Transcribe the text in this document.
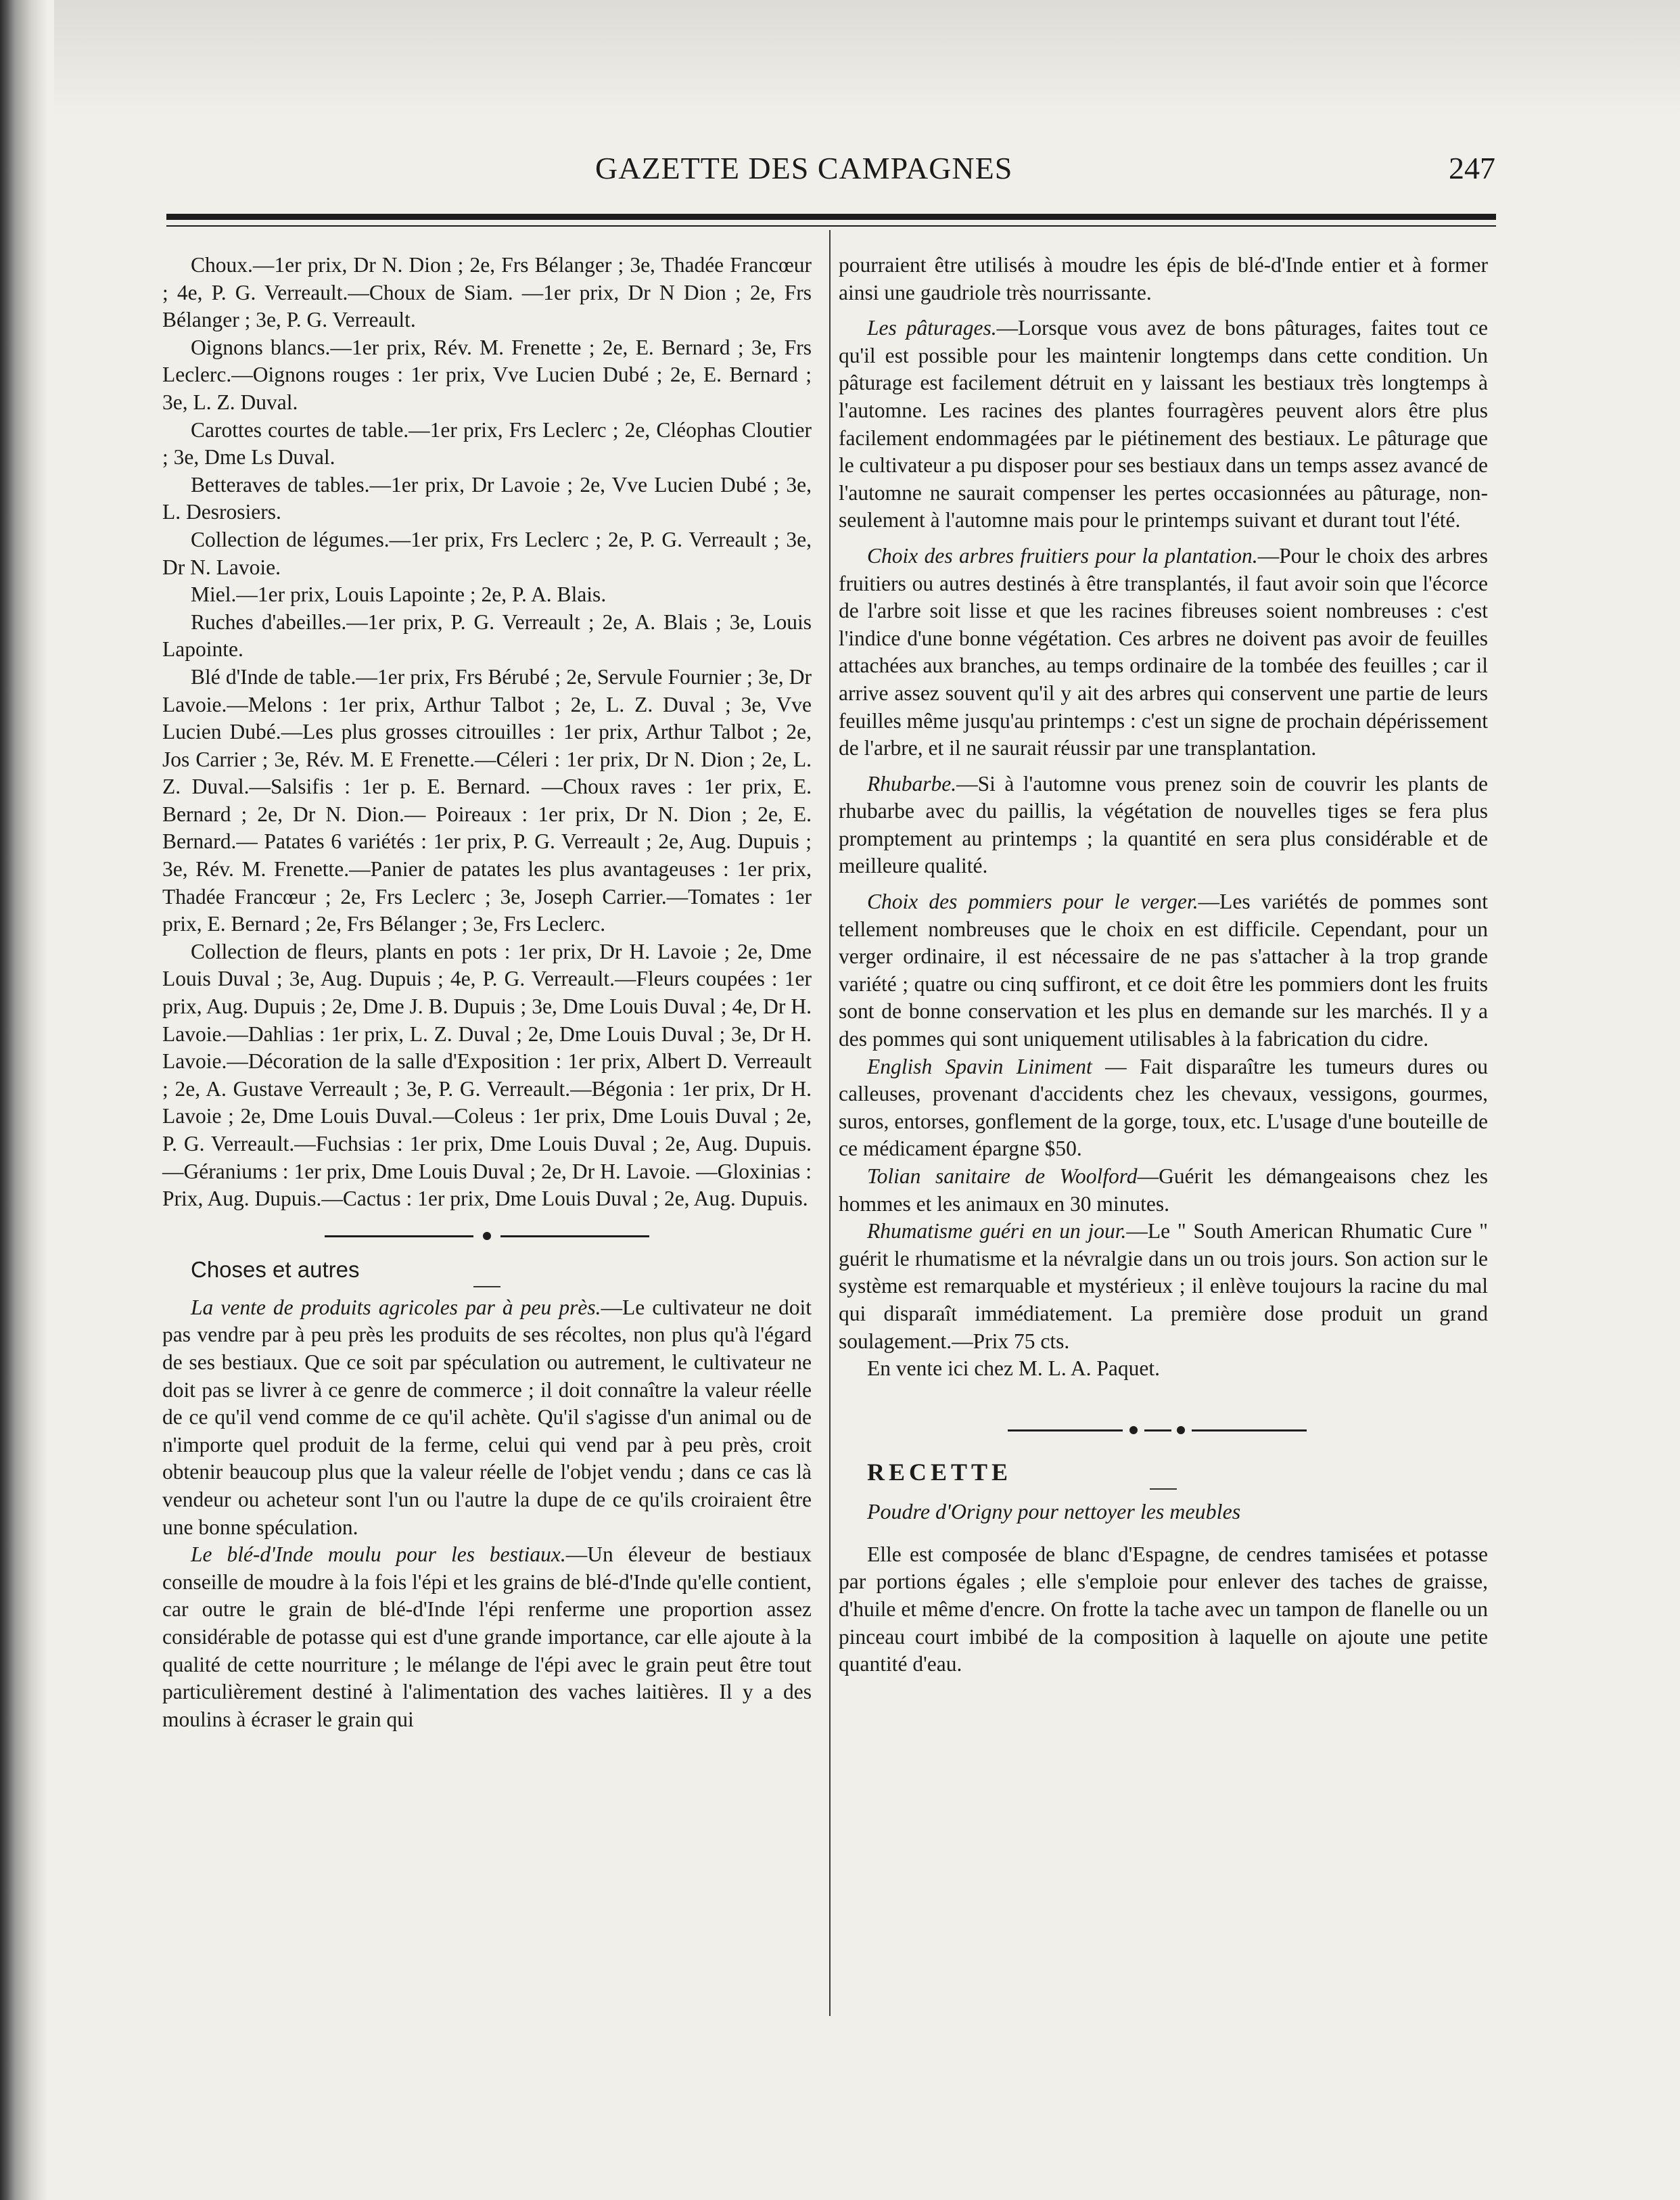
GAZETTE DES CAMPAGNES	247

Choux.—1er prix, Dr N. Dion ; 2e, Frs Bélanger ; 3e, Thadée Francœur ; 4e, P. G. Verreault.—Choux de Siam. —1er prix, Dr N Dion ; 2e, Frs Bélanger ; 3e, P. G. Verreault.

Oignons blancs.—1er prix, Rév. M. Frenette ; 2e, E. Bernard ; 3e, Frs Leclerc.—Oignons rouges : 1er prix, Vve Lucien Dubé ; 2e, E. Bernard ; 3e, L. Z. Duval.

Carottes courtes de table.—1er prix, Frs Leclerc ; 2e, Cléophas Cloutier ; 3e, Dme Ls Duval.

Betteraves de tables.—1er prix, Dr Lavoie ; 2e, Vve Lucien Dubé ; 3e, L. Desrosiers.

Collection de légumes.—1er prix, Frs Leclerc ; 2e, P. G. Verreault ; 3e, Dr N. Lavoie.

Miel.—1er prix, Louis Lapointe ; 2e, P. A. Blais.

Ruches d'abeilles.—1er prix, P. G. Verreault ; 2e, A. Blais ; 3e, Louis Lapointe.

Blé d'Inde de table.—1er prix, Frs Bérubé ; 2e, Servule Fournier ; 3e, Dr Lavoie.—Melons : 1er prix, Arthur Talbot ; 2e, L. Z. Duval ; 3e, Vve Lucien Dubé.—Les plus grosses citrouilles : 1er prix, Arthur Talbot ; 2e, Jos Carrier ; 3e, Rév. M. E Frenette.—Céleri : 1er prix, Dr N. Dion ; 2e, L. Z. Duval.—Salsifis : 1er p. E. Bernard. —Choux raves : 1er prix, E. Bernard ; 2e, Dr N. Dion.— Poireaux : 1er prix, Dr N. Dion ; 2e, E. Bernard.— Patates 6 variétés : 1er prix, P. G. Verreault ; 2e, Aug. Dupuis ; 3e, Rév. M. Frenette.—Panier de patates les plus avantageuses : 1er prix, Thadée Francœur ; 2e, Frs Leclerc ; 3e, Joseph Carrier.—Tomates : 1er prix, E. Bernard ; 2e, Frs Bélanger ; 3e, Frs Leclerc.

Collection de fleurs, plants en pots : 1er prix, Dr H. Lavoie ; 2e, Dme Louis Duval ; 3e, Aug. Dupuis ; 4e, P. G. Verreault.—Fleurs coupées : 1er prix, Aug. Dupuis ; 2e, Dme J. B. Dupuis ; 3e, Dme Louis Duval ; 4e, Dr H. Lavoie.—Dahlias : 1er prix, L. Z. Duval ; 2e, Dme Louis Duval ; 3e, Dr H. Lavoie.—Décoration de la salle d'Exposition : 1er prix, Albert D. Verreault ; 2e, A. Gustave Verreault ; 3e, P. G. Verreault.—Bégonia : 1er prix, Dr H. Lavoie ; 2e, Dme Louis Duval.—Coleus : 1er prix, Dme Louis Duval ; 2e, P. G. Verreault.—Fuchsias : 1er prix, Dme Louis Duval ; 2e, Aug. Dupuis.—Géraniums : 1er prix, Dme Louis Duval ; 2e, Dr H. Lavoie. —Gloxinias : Prix, Aug. Dupuis.—Cactus : 1er prix, Dme Louis Duval ; 2e, Aug. Dupuis.

Choses et autres

La vente de produits agricoles par à peu près.—Le cultivateur ne doit pas vendre par à peu près les produits de ses récoltes, non plus qu'à l'égard de ses bestiaux. Que ce soit par spéculation ou autrement, le cultivateur ne doit pas se livrer à ce genre de commerce ; il doit connaître la valeur réelle de ce qu'il vend comme de ce qu'il achète. Qu'il s'agisse d'un animal ou de n'importe quel produit de la ferme, celui qui vend par à peu près, croit obtenir beaucoup plus que la valeur réelle de l'objet vendu ; dans ce cas là vendeur ou acheteur sont l'un ou l'autre la dupe de ce qu'ils croiraient être une bonne spéculation.

Le blé-d'Inde moulu pour les bestiaux.—Un éleveur de bestiaux conseille de moudre à la fois l'épi et les grains de blé-d'Inde qu'elle contient, car outre le grain de blé-d'Inde l'épi renferme une proportion assez considérable de potasse qui est d'une grande importance, car elle ajoute à la qualité de cette nourriture ; le mélange de l'épi avec le grain peut être tout particulièrement destiné à l'alimentation des vaches laitières. Il y a des moulins à écraser le grain qui

pourraient être utilisés à moudre les épis de blé-d'Inde entier et à former ainsi une gaudriole très nourrissante.

Les pâturages.—Lorsque vous avez de bons pâturages, faites tout ce qu'il est possible pour les maintenir longtemps dans cette condition. Un pâturage est facilement détruit en y laissant les bestiaux très longtemps à l'automne. Les racines des plantes fourragères peuvent alors être plus facilement endommagées par le piétinement des bestiaux. Le pâturage que le cultivateur a pu disposer pour ses bestiaux dans un temps assez avancé de l'automne ne saurait compenser les pertes occasionnées au pâturage, non-seulement à l'automne mais pour le printemps suivant et durant tout l'été.

Choix des arbres fruitiers pour la plantation.—Pour le choix des arbres fruitiers ou autres destinés à être transplantés, il faut avoir soin que l'écorce de l'arbre soit lisse et que les racines fibreuses soient nombreuses : c'est l'indice d'une bonne végétation. Ces arbres ne doivent pas avoir de feuilles attachées aux branches, au temps ordinaire de la tombée des feuilles ; car il arrive assez souvent qu'il y ait des arbres qui conservent une partie de leurs feuilles même jusqu'au printemps : c'est un signe de prochain dépérissement de l'arbre, et il ne saurait réussir par une transplantation.

Rhubarbe.—Si à l'automne vous prenez soin de couvrir les plants de rhubarbe avec du paillis, la végétation de nouvelles tiges se fera plus promptement au printemps ; la quantité en sera plus considérable et de meilleure qualité.

Choix des pommiers pour le verger.—Les variétés de pommes sont tellement nombreuses que le choix en est difficile. Cependant, pour un verger ordinaire, il est nécessaire de ne pas s'attacher à la trop grande variété ; quatre ou cinq suffiront, et ce doit être les pommiers dont les fruits sont de bonne conservation et les plus en demande sur les marchés. Il y a des pommes qui sont uniquement utilisables à la fabrication du cidre.

English Spavin Liniment — Fait disparaître les tumeurs dures ou calleuses, provenant d'accidents chez les chevaux, vessigons, gourmes, suros, entorses, gonflement de la gorge, toux, etc. L'usage d'une bouteille de ce médicament épargne $50.

Tolian sanitaire de Woolford—Guérit les démangeaisons chez les hommes et les animaux en 30 minutes.

Rhumatisme guéri en un jour.—Le " South American Rhumatic Cure " guérit le rhumatisme et la névralgie dans un ou trois jours. Son action sur le système est remarquable et mystérieux ; il enlève toujours la racine du mal qui disparaît immédiatement. La première dose produit un grand soulagement.—Prix 75 cts.

En vente ici chez M. L. A. Paquet.

RECETTE

Poudre d'Origny pour nettoyer les meubles

Elle est composée de blanc d'Espagne, de cendres tamisées et potasse par portions égales ; elle s'emploie pour enlever des taches de graisse, d'huile et même d'encre. On frotte la tache avec un tampon de flanelle ou un pinceau court imbibé de la composition à laquelle on ajoute une petite quantité d'eau.
